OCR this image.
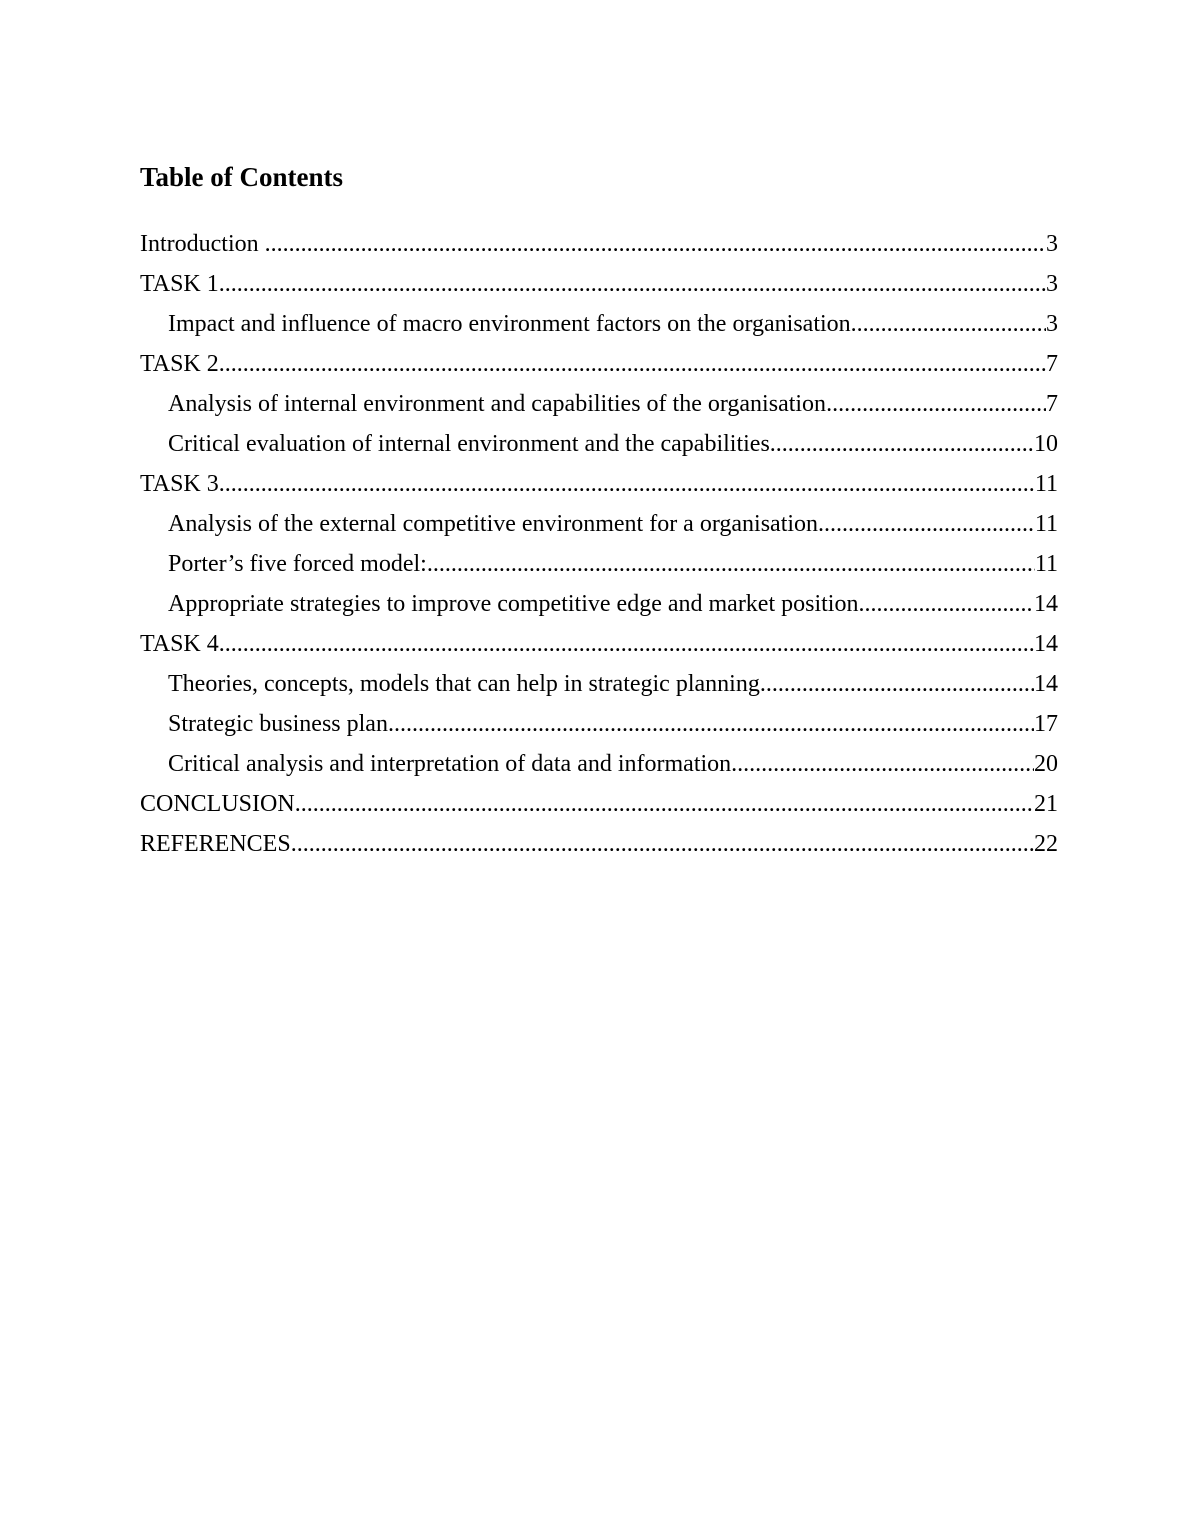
Table of Contents
Introduction .....	3
TASK 1 .....	3
Impact and influence of macro environment factors on the organisation .....	3
TASK 2 .....	7
Analysis of internal environment and capabilities of the organisation .....	7
Critical evaluation of internal environment and the capabilities .....	10
TASK 3 .....	11
Analysis of the external competitive environment for a organisation .....	11
Porter’s five forced model: .....	11
Appropriate strategies to improve competitive edge and market position .....	14
TASK 4 .....	14
Theories, concepts, models that can help in strategic planning .....	14
Strategic business plan .....	17
Critical analysis and interpretation of data and information .....	20
CONCLUSION .....	21
REFERENCES .....	22
